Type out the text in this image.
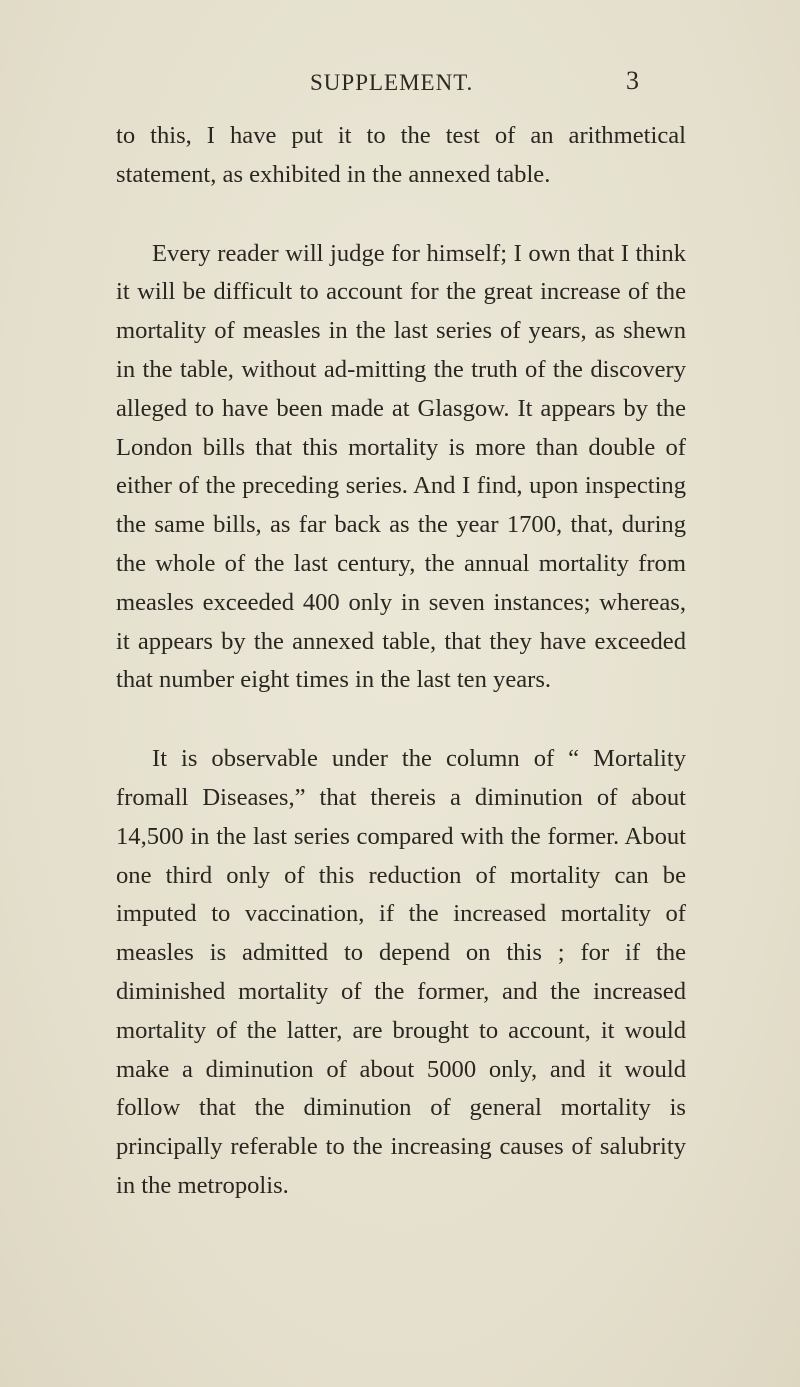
SUPPLEMENT.	3

to this, I have put it to the test of an arithmetical statement, as exhibited in the annexed table.

Every reader will judge for himself; I own that I think it will be difficult to account for the great increase of the mortality of measles in the last series of years, as shewn in the table, without ad-mitting the truth of the discovery alleged to have been made at Glasgow. It appears by the London bills that this mortality is more than double of either of the preceding series. And I find, upon inspecting the same bills, as far back as the year 1700, that, during the whole of the last century, the annual mortality from measles exceeded 400 only in seven instances; whereas, it appears by the annexed table, that they have exceeded that number eight times in the last ten years.

It is observable under the column of “ Mortality fromall Diseases,” that thereis a diminution of about 14,500 in the last series compared with the former. About one third only of this reduction of mortality can be imputed to vaccination, if the increased mortality of measles is admitted to depend on this ; for if the diminished mortality of the former, and the increased mortality of the latter, are brought to account, it would make a diminution of about 5000 only, and it would follow that the diminution of general mortality is principally referable to the increasing causes of salubrity in the metropolis.
